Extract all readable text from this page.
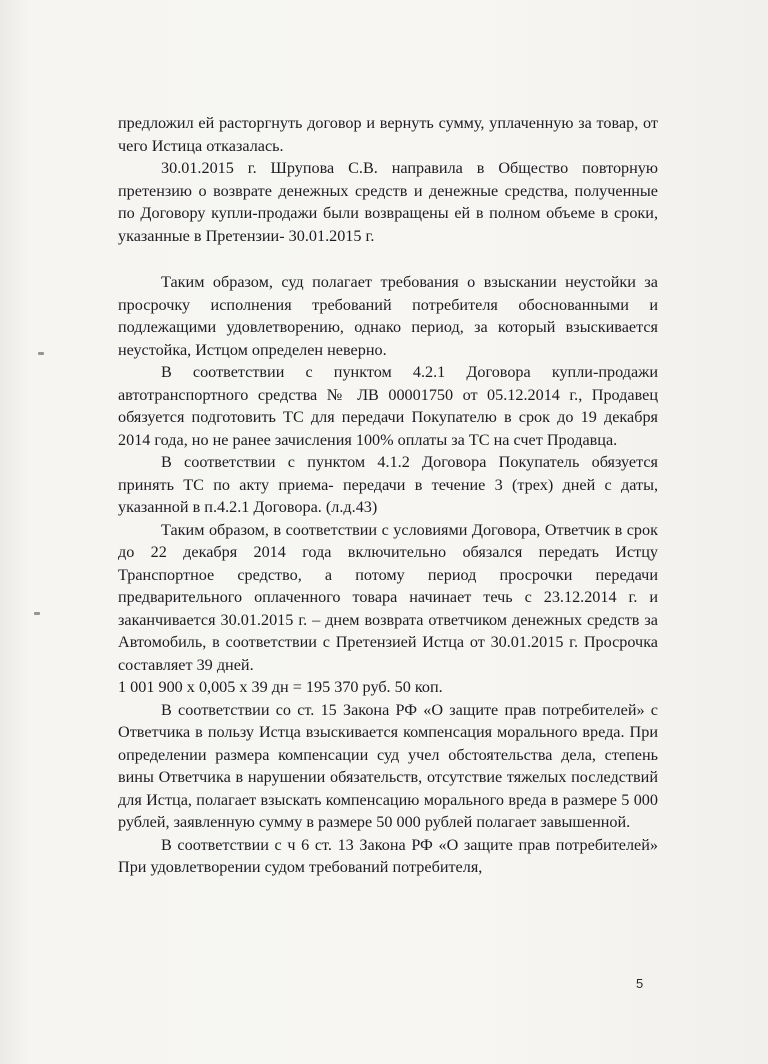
предложил ей расторгнуть договор и вернуть сумму, уплаченную за товар, от чего Истица отказалась.

30.01.2015 г. Шрупова С.В. направила в Общество повторную претензию о возврате денежных средств и денежные средства, полученные по Договору купли-продажи были возвращены ей в полном объеме в сроки, указанные в Претензии- 30.01.2015 г.

Таким образом, суд полагает требования о взыскании неустойки за просрочку исполнения требований потребителя обоснованными и подлежащими удовлетворению, однако период, за который взыскивается неустойка, Истцом определен неверно.

В соответствии с пунктом 4.2.1 Договора купли-продажи автотранспортного средства № ЛВ 00001750 от 05.12.2014 г., Продавец обязуется подготовить ТС для передачи Покупателю в срок до 19 декабря 2014 года, но не ранее зачисления 100% оплаты за ТС на счет Продавца.

В соответствии с пунктом 4.1.2 Договора Покупатель обязуется принять ТС по акту приема- передачи в течение 3 (трех) дней с даты, указанной в п.4.2.1 Договора. (л.д.43)

Таким образом, в соответствии с условиями Договора, Ответчик в срок до 22 декабря 2014 года включительно обязался передать Истцу Транспортное средство, а потому период просрочки передачи предварительного оплаченного товара начинает течь с 23.12.2014 г. и заканчивается 30.01.2015 г. – днем возврата ответчиком денежных средств за Автомобиль, в соответствии с Претензией Истца от 30.01.2015 г. Просрочка составляет 39 дней.

1 001 900 х 0,005 х 39 дн = 195 370 руб. 50 коп.

В соответствии со ст. 15 Закона РФ «О защите прав потребителей» с Ответчика в пользу Истца взыскивается компенсация морального вреда. При определении размера компенсации суд учел обстоятельства дела, степень вины Ответчика в нарушении обязательств, отсутствие тяжелых последствий для Истца, полагает взыскать компенсацию морального вреда в размере 5 000 рублей, заявленную сумму в размере 50 000 рублей полагает завышенной.

В соответствии с ч 6 ст. 13 Закона РФ «О защите прав потребителей» При удовлетворении судом требований потребителя,

5
